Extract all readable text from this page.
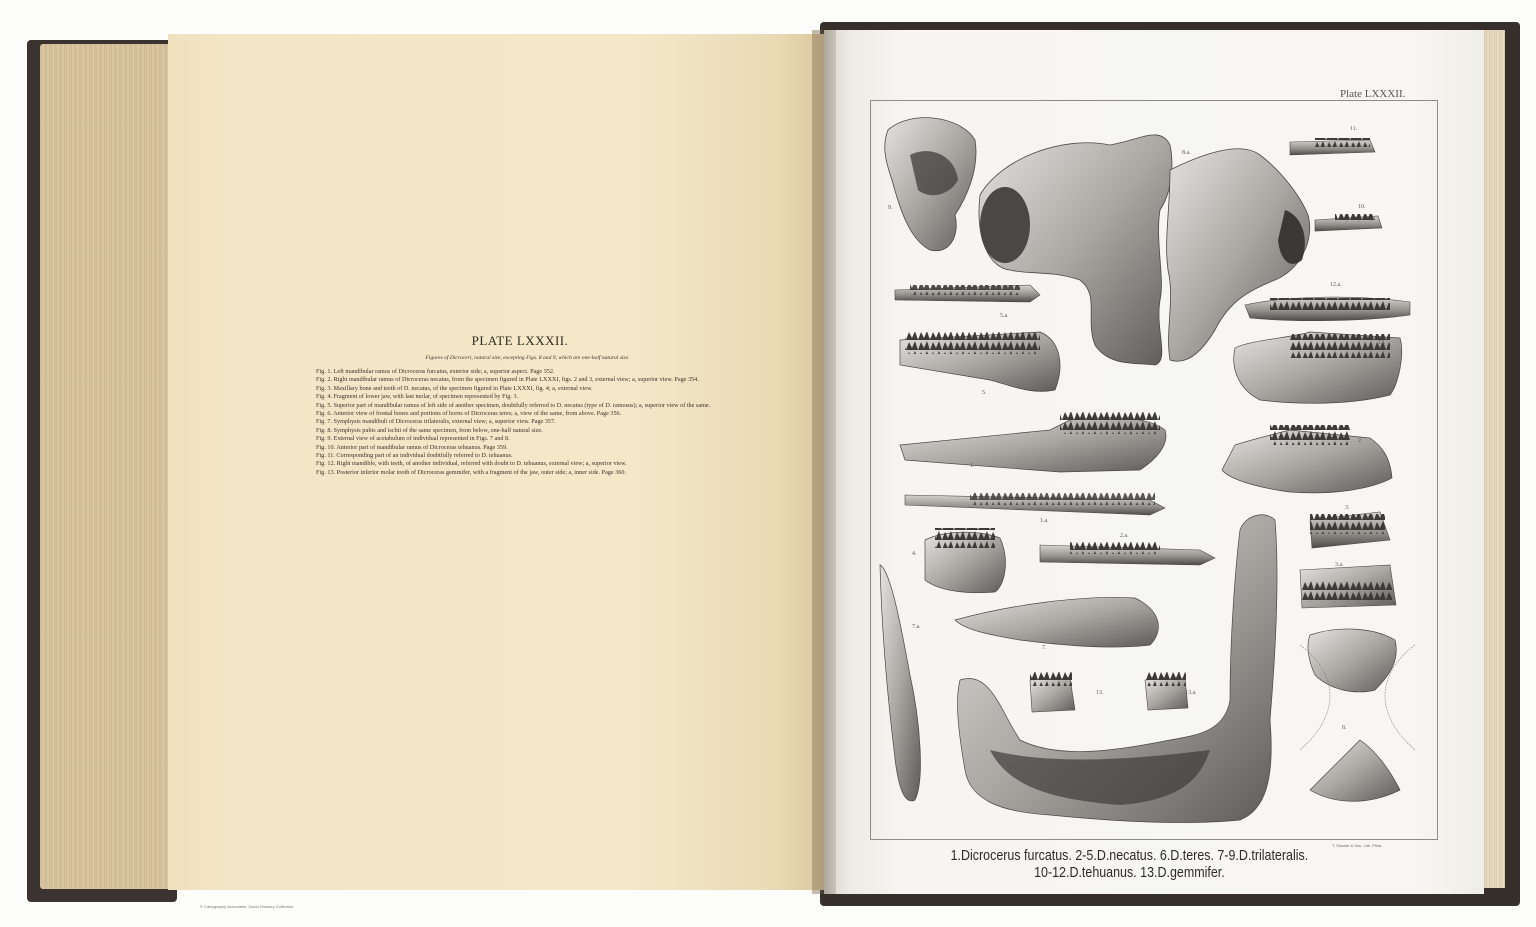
PLATE LXXXII.
Figures of Dicroceri, natural size, excepting Figs. 8 and 9, which are one-half natural size.

Fig. 1. Left mandibular ramus of Dicroceras furcatus, exterior side; a, superior aspect. Page 352.

Fig. 2. Right mandibular ramus of Dicroceras necatus, from the specimen figured in Plate LXXXI, figs. 2 and 3, external view; a, superior view. Page 354.

Fig. 3. Maxillary bone and teeth of D. necatus, of the specimen figured in Plate LXXXI, fig. 4; a, external view.

Fig. 4. Fragment of lower jaw, with last molar, of specimen represented by Fig. 3.

Fig. 5. Superior part of mandibular ramus of left side of another specimen, doubtfully referred to D. necatus (type of D. ramosus); a, superior view of the same.

Fig. 6. Anterior view of frontal bones and portions of horns of Dicroceras teres; a, view of the same, from above. Page 356.

Fig. 7. Symphysis mandibuli of Dicroceras trilateralis, external view; a, superior view. Page 357.

Fig. 8. Symphysis pubis and ischii of the same specimen, from below, one-half natural size.

Fig. 9. External view of acetabulum of individual represented in Figs. 7 and 8.

Fig. 10. Anterior part of mandibular ramus of Dicroceras tehuanus. Page 359.

Fig. 11. Corresponding part of an individual doubtfully referred to D. tehuanus.

Fig. 12. Right mandible, with teeth, of another individual, referred with doubt to D. tehuanus, external view; a, superior view.

Fig. 13. Posterior inferior molar tooth of Dicroceras gemmifer, with a fragment of the jaw, outer side; a, inner side. Page 360.

© Cartography Associates, David Rumsey Collection
Plate LXXXII.
9.
8.a.
11.
10.
5.a.
12.a.
5.
12.
1.
2.
1.a.
2.a.
3.
4.
3.a.
7.a.
7.
13.	13.a.
6.
8.
T. Sinclair & Son, Lith. Phila.
1.Dicrocerus furcatus. 2-5.D.necatus. 6.D.teres. 7-9.D.trilateralis.
10-12.D.tehuanus. 13.D.gemmifer.
